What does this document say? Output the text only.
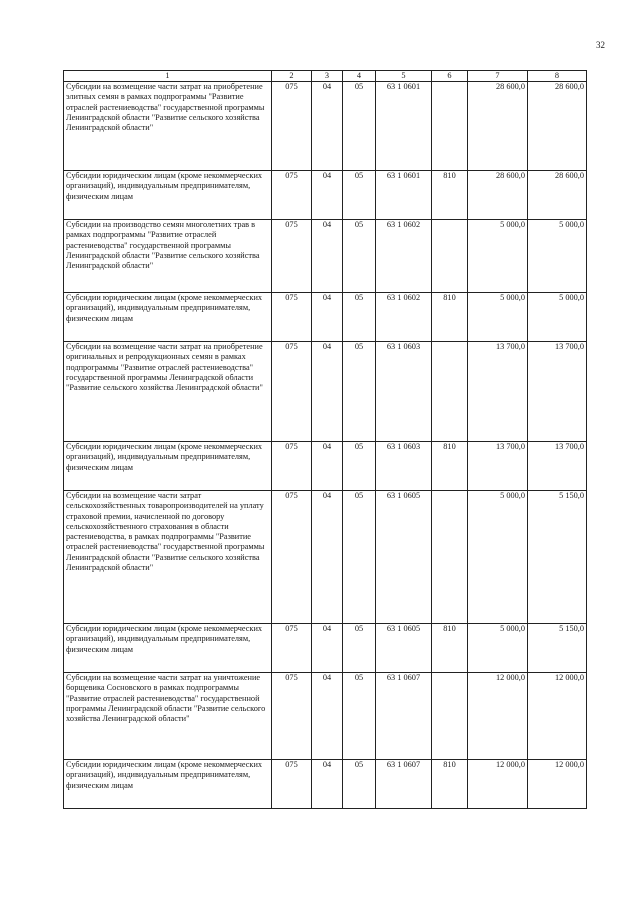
32
1	2	3	4	5	6	7	8
Субсидии на возмещение части затрат на приобретение элитных семян в рамках подпрограммы "Развитие отраслей растениеводства" государственной программы Ленинградской области "Развитие сельского хозяйства Ленинградской области"	075	04	05	63 1 0601		28 600,0	28 600,0
Субсидии юридическим лицам (кроме некоммерческих организаций), индивидуальным предпринимателям, физическим лицам	075	04	05	63 1 0601	810	28 600,0	28 600,0
Субсидии на производство семян многолетних трав в рамках подпрограммы "Развитие отраслей растениеводства" государственной программы Ленинградской области "Развитие сельского хозяйства Ленинградской области"	075	04	05	63 1 0602		5 000,0	5 000,0
Субсидии юридическим лицам (кроме некоммерческих организаций), индивидуальным предпринимателям, физическим лицам	075	04	05	63 1 0602	810	5 000,0	5 000,0
Субсидии на возмещение части затрат на приобретение оригинальных и репродукционных семян в рамках подпрограммы "Развитие отраслей растениеводства" государственной программы Ленинградской области "Развитие сельского хозяйства Ленинградской области"	075	04	05	63 1 0603		13 700,0	13 700,0
Субсидии юридическим лицам (кроме некоммерческих организаций), индивидуальным предпринимателям, физическим лицам	075	04	05	63 1 0603	810	13 700,0	13 700,0
Субсидии на возмещение части затрат сельскохозяйственных товаропроизводителей на уплату страховой премии, начисленной по договору сельскохозяйственного страхования в области растениеводства, в рамках подпрограммы "Развитие отраслей растениеводства" государственной программы Ленинградской области "Развитие сельского хозяйства Ленинградской области"	075	04	05	63 1 0605		5 000,0	5 150,0
Субсидии юридическим лицам (кроме некоммерческих организаций), индивидуальным предпринимателям, физическим лицам	075	04	05	63 1 0605	810	5 000,0	5 150,0
Субсидии на возмещение части затрат на уничтожение борщевика Сосновского в рамках подпрограммы "Развитие отраслей растениеводства" государственной программы Ленинградской области "Развитие сельского хозяйства Ленинградской области"	075	04	05	63 1 0607		12 000,0	12 000,0
Субсидии юридическим лицам (кроме некоммерческих организаций), индивидуальным предпринимателям, физическим лицам	075	04	05	63 1 0607	810	12 000,0	12 000,0
